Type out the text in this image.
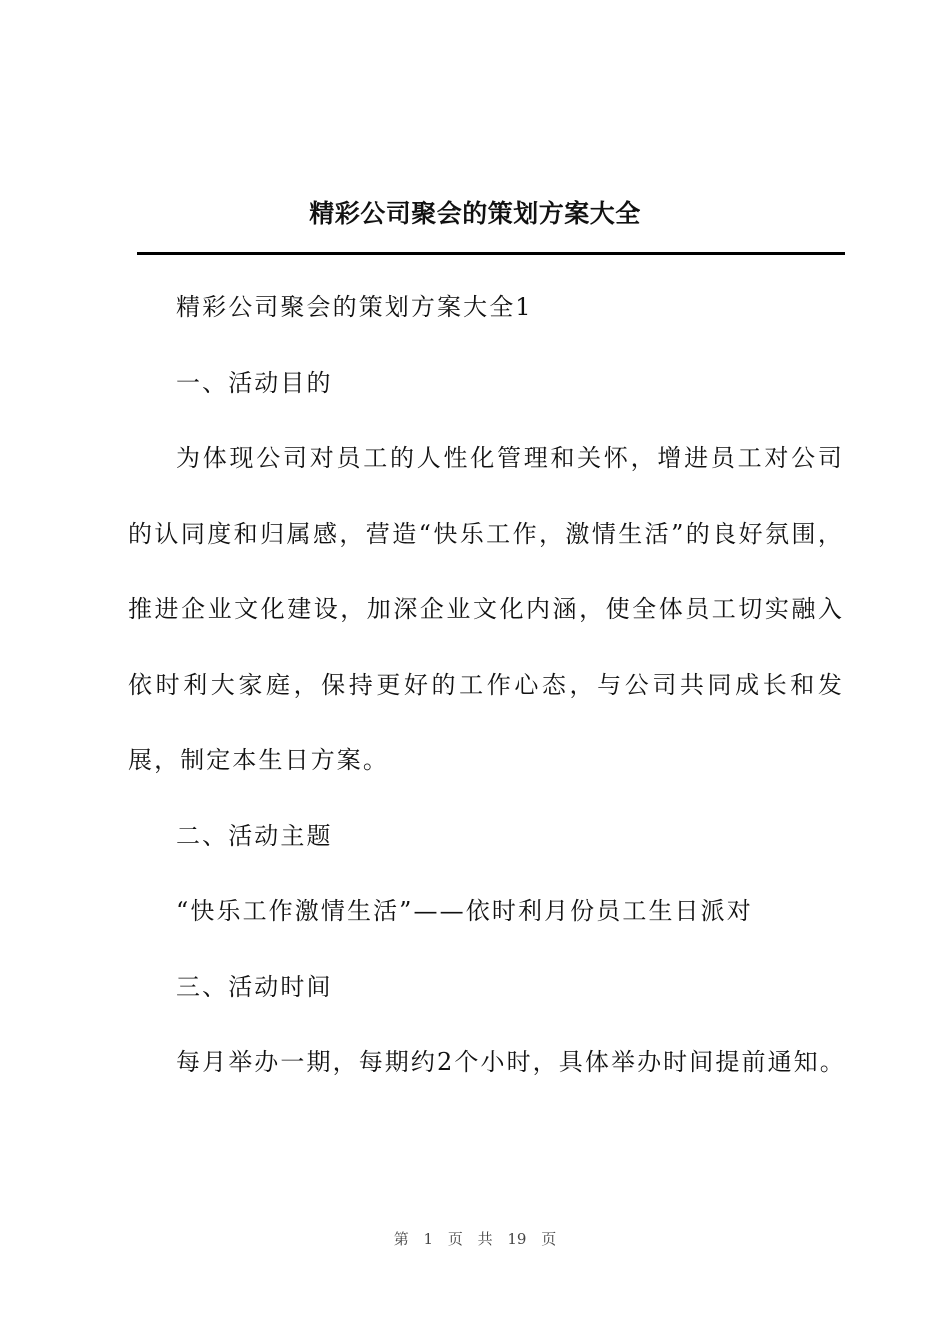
精彩公司聚会的策划方案大全

精彩公司聚会的策划方案大全1

一、活动目的

为体现公司对员工的人性化管理和关怀，增进员工对公司的认同度和归属感，营造“快乐工作，激情生活”的良好氛围，推进企业文化建设，加深企业文化内涵，使全体员工切实融入依时利大家庭，保持更好的工作心态，与公司共同成长和发展，制定本生日方案。

二、活动主题

“快乐工作激情生活”——依时利月份员工生日派对

三、活动时间

每月举办一期，每期约2个小时，具体举办时间提前通知。

第 1 页 共 19 页
